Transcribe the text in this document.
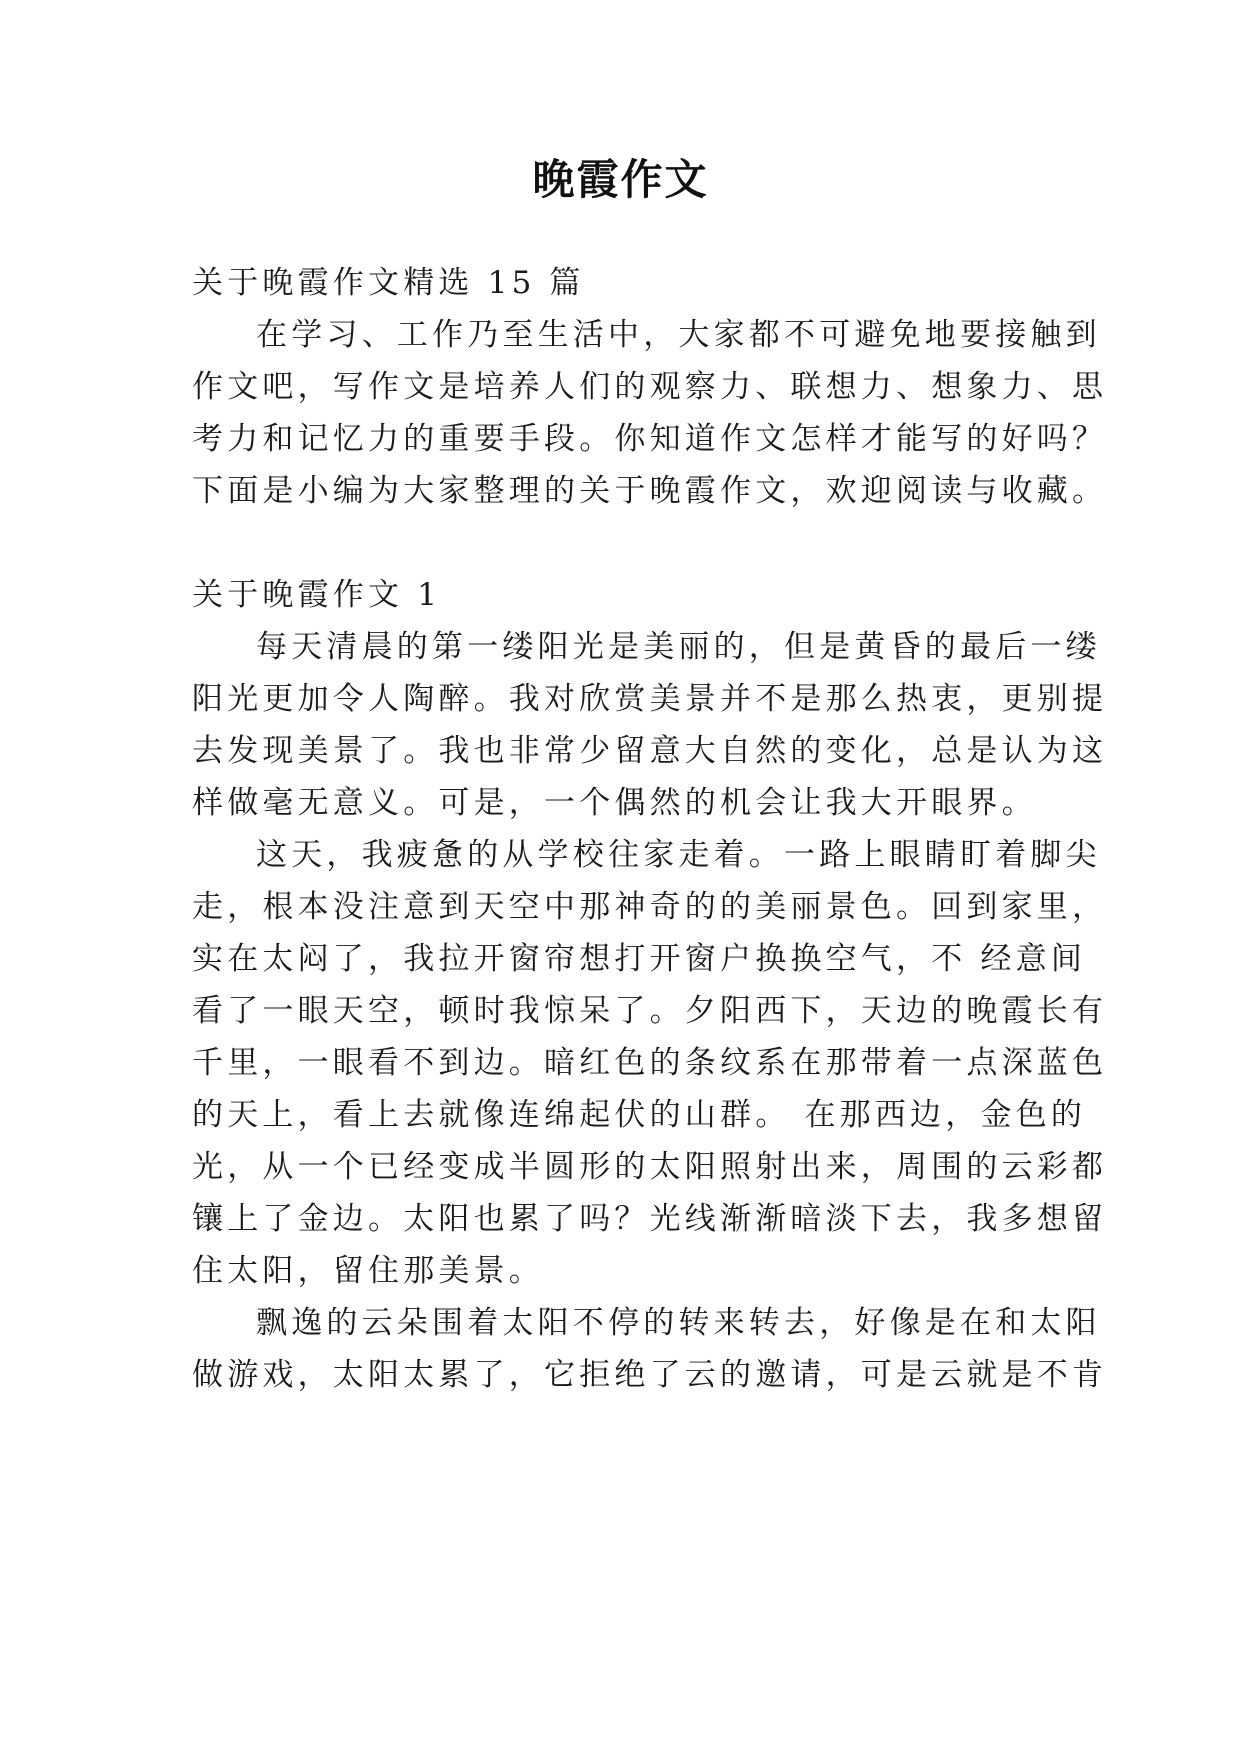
晚霞作文
关于晚霞作文精选 15 篇
在学习、工作乃至生活中，大家都不可避免地要接触到
作文吧，写作文是培养人们的观察力、联想力、想象力、思
考力和记忆力的重要手段。你知道作文怎样才能写的好吗？
下面是小编为大家整理的关于晚霞作文，欢迎阅读与收藏。
关于晚霞作文 1
每天清晨的第一缕阳光是美丽的，但是黄昏的最后一缕
阳光更加令人陶醉。我对欣赏美景并不是那么热衷，更别提
去发现美景了。我也非常少留意大自然的变化，总是认为这
样做毫无意义。可是，一个偶然的机会让我大开眼界。
这天，我疲惫的从学校往家走着。一路上眼睛盯着脚尖
走，根本没注意到天空中那神奇的的美丽景色。回到家里，
实在太闷了，我拉开窗帘想打开窗户换换空气，不 经意间
看了一眼天空，顿时我惊呆了。夕阳西下，天边的晚霞长有
千里，一眼看不到边。暗红色的条纹系在那带着一点深蓝色
的天上，看上去就像连绵起伏的山群。 在那西边，金色的
光，从一个已经变成半圆形的太阳照射出来，周围的云彩都
镶上了金边。太阳也累了吗？光线渐渐暗淡下去，我多想留
住太阳，留住那美景。
飘逸的云朵围着太阳不停的转来转去，好像是在和太阳
做游戏，太阳太累了，它拒绝了云的邀请，可是云就是不肯
